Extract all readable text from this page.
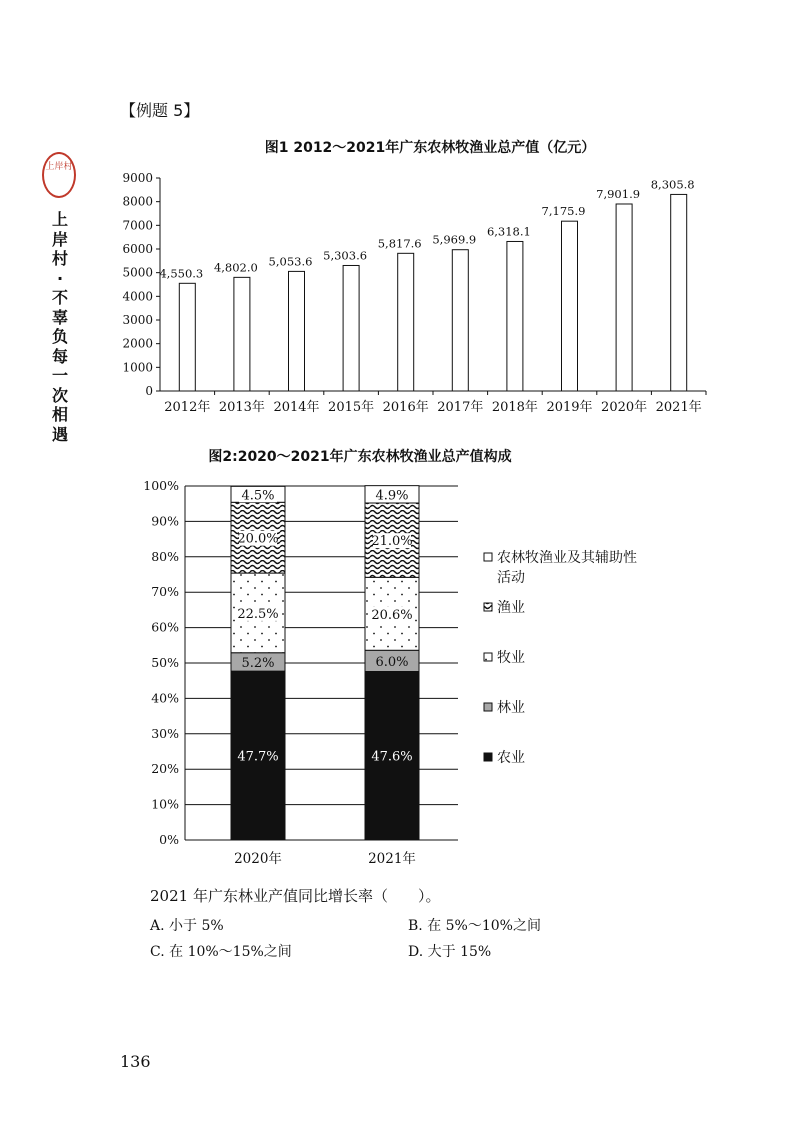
上岸村
上岸村·不辜负每一次相遇
【例题 5】
图1 2012～2021年广东农林牧渔业总产值（亿元）
0
1000
2000
3000
4000
5000
6000
7000
8000
9000
4,550.3
2012年
4,802.0
2013年
5,053.6
2014年
5,303.6
2015年
5,817.6
2016年
5,969.9
2017年
6,318.1
2018年
7,175.9
2019年
7,901.9
2020年
8,305.8
2021年
图2:2020～2021年广东农林牧渔业总产值构成
0%
10%
20%
30%
40%
50%
60%
70%
80%
90%
100%
47.7%
5.2%
22.5%
20.0%
4.5%
2020年
47.6%
6.0%
20.6%
21.0%
4.9%
2021年
农林牧渔业及其辅助性
活动
渔业
牧业
林业
农业
2021 年广东林业产值同比增长率（　　）。
A. 小于 5%	B. 在 5%～10%之间
C. 在 10%～15%之间	D. 大于 15%
136
